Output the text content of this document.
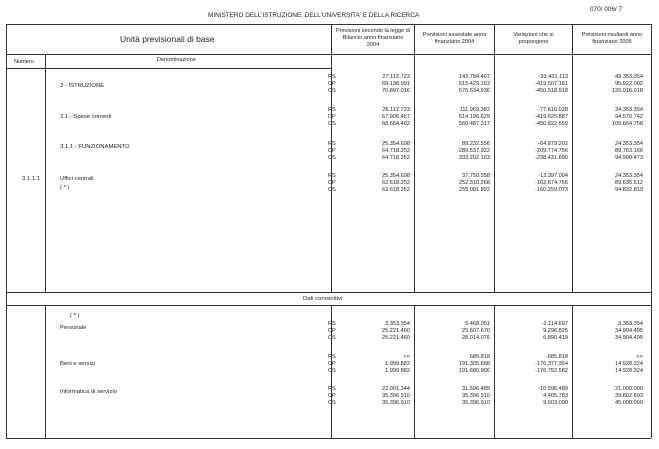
MINISTERO DELL'ISTRUZIONE, DELL'UNIVERSITA' E DELLA RICERCA
070/ 006/ 7
Unità previsionali di base
Previsioni secondo la legge di Bilancio anno finanziario 2004
Previsioni assestate anno finanziario 2004
Variazioni che si propongono
Previsioni risultanti anno finanziario 2005
Numero	Denominazione
Dati conoscitivi
( * )
3 - ISTRUZIONE
RS	27.112.723	142.784.467	-93.431.113	49.353.354
CP	69.138.991	515.429.163	-419.507.161	95.922.002
CS	70.897.016	576.534.936	-450.518.918	126.016.018
3.1 - Spese correnti
RS	26.112.723	111.969.382	-77.616.028	34.353.354
CP	67.906.457	514.196.629	-419.625.887	94.570.742
CS	68.664.482	560.487.317	-450.822.559	109.664.758
3.1.1 - FUNZIONAMENTO	RS	25.354.698	89.232.556	-64.879.202	24.353.354
CP	64.718.252	289.537.922	-209.774.756	89.763.166
CS	64.718.252	333.202.163	-238.431.690	94.960.473
Uffici centrali
3.1.1.1
( * )
RS	25.354.698	37.750.358	-13.397.004	24.353.354
CP	62.618.252	252.310.268	-162.674.756	89.635.512
CS	62.618.252	255.091.892	-160.259.073	94.832.819
Personale
RS	3.353.354	5.468.051	-2.114.697	3.353.354
CP	25.221.460	25.607.670	9.296.825	34.904.495
CS	25.221.460	28.014.076	6.890.419	34.904.495
Beni e servizi
RS	<<	685.818	-685.818	<<
CP	1.999.882	191.305.688	-176.377.364	14.928.324
CS	1.999.882	191.680.906	-176.752.582	14.928.324
Informatica di servizio	RS	22.001.344	31.596.489	-10.596.489	21.000.000
CP	35.396.910	35.396.910	4.405.783	39.802.693
CS	35.396.910	35.396.910	9.603.090	45.000.000
